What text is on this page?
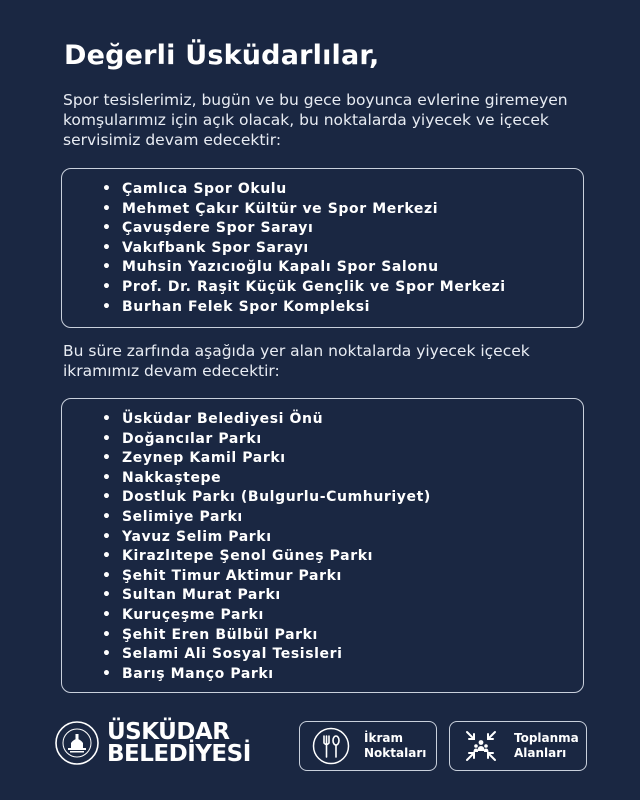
Değerli Üsküdarlılar,
Spor tesislerimiz, bugün ve bu gece boyunca evlerine giremeyen komşularımız için açık olacak, bu noktalarda yiyecek ve içecek servisimiz devam edecektir:
• Çamlıca Spor Okulu
• Mehmet Çakır Kültür ve Spor Merkezi
• Çavuşdere Spor Sarayı
• Vakıfbank Spor Sarayı
• Muhsin Yazıcıoğlu Kapalı Spor Salonu
• Prof. Dr. Raşit Küçük Gençlik ve Spor Merkezi
• Burhan Felek Spor Kompleksi
Bu süre zarfında aşağıda yer alan noktalarda yiyecek içecek ikramımız devam edecektir:
• Üsküdar Belediyesi Önü
• Doğancılar Parkı
• Zeynep Kamil Parkı
• Nakkaştepe
• Dostluk Parkı (Bulgurlu-Cumhuriyet)
• Selimiye Parkı
• Yavuz Selim Parkı
• Kirazlıtepe Şenol Güneş Parkı
• Şehit Timur Aktimur Parkı
• Sultan Murat Parkı
• Kuruçeşme Parkı
• Şehit Eren Bülbül Parkı
• Selami Ali Sosyal Tesisleri
• Barış Manço Parkı
ÜSKÜDAR
BELEDİYESİ
İkram
Noktaları
Toplanma
Alanları
